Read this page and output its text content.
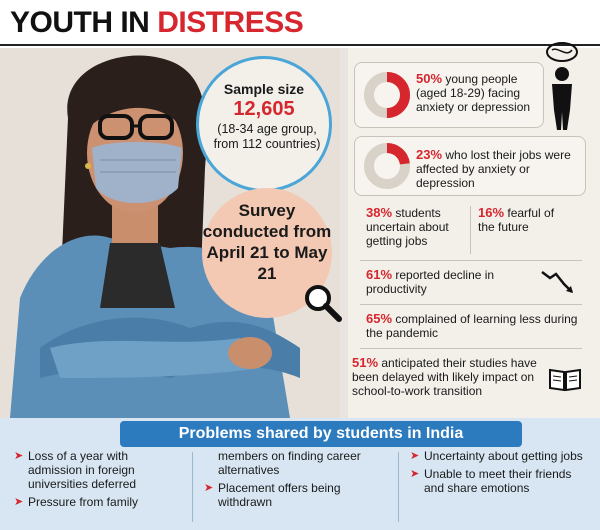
YOUTH IN DISTRESS
Sample size
12,605
(18-34 age group, from 112 countries)
Survey conducted from April 21 to May 21
50% young people (aged 18-29) facing anxiety or depression
23% who lost their jobs were affected by anxiety or depression
38% students uncertain about getting jobs
16% fearful of the future
61% reported decline in productivity
65% complained of learning less during the pandemic
51% anticipated their studies have been delayed with likely impact on school-to-work transition
Problems shared by students in India
➤ Loss of a year with admission in foreign universities deferred
➤ Pressure from family
members on finding career alternatives
➤ Placement offers being withdrawn
➤ Uncertainty about getting jobs
➤ Unable to meet their friends and share emotions
